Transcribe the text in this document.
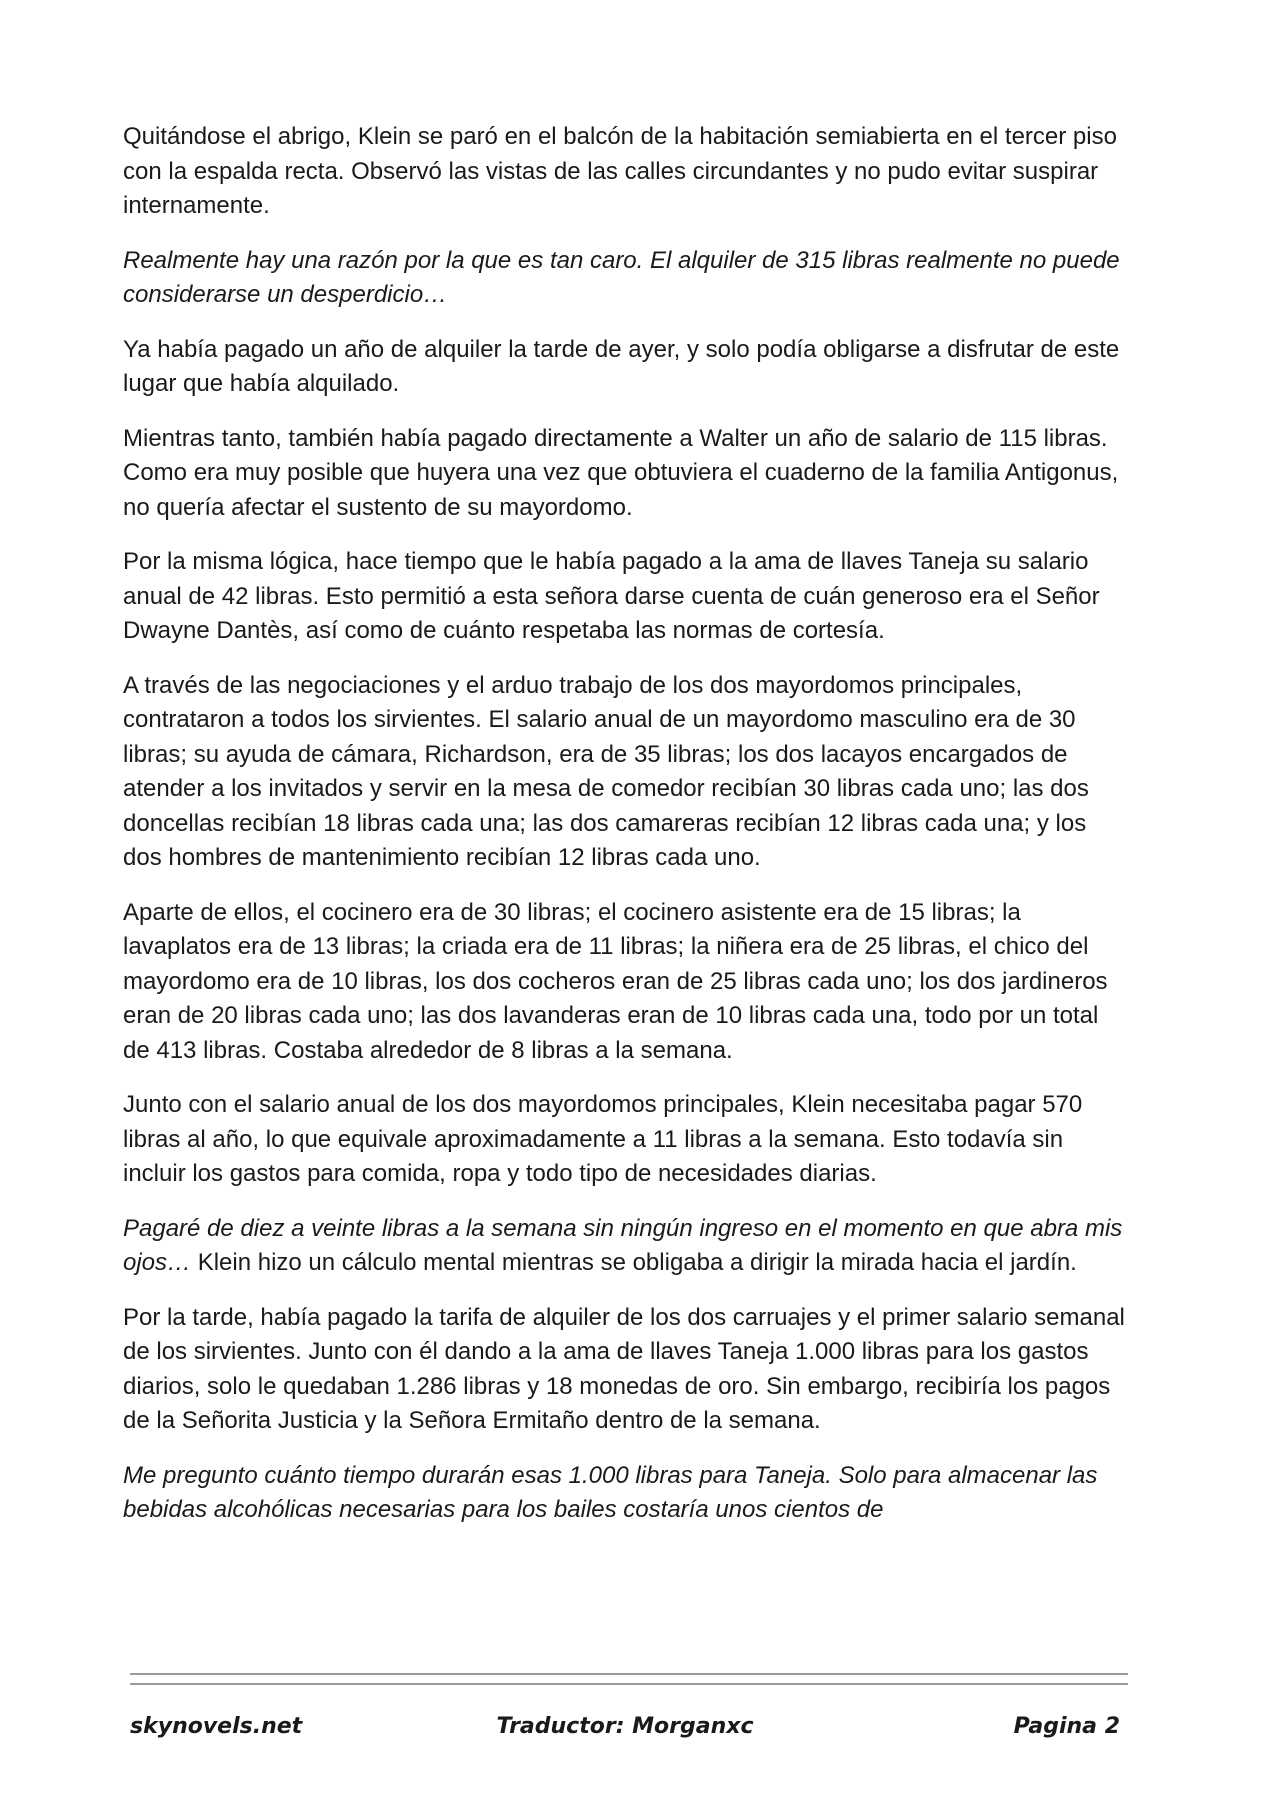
Quitándose el abrigo, Klein se paró en el balcón de la habitación semiabierta en el tercer piso con la espalda recta. Observó las vistas de las calles circundantes y no pudo evitar suspirar internamente.

Realmente hay una razón por la que es tan caro. El alquiler de 315 libras realmente no puede considerarse un desperdicio…

Ya había pagado un año de alquiler la tarde de ayer, y solo podía obligarse a disfrutar de este lugar que había alquilado.

Mientras tanto, también había pagado directamente a Walter un año de salario de 115 libras. Como era muy posible que huyera una vez que obtuviera el cuaderno de la familia Antigonus, no quería afectar el sustento de su mayordomo.

Por la misma lógica, hace tiempo que le había pagado a la ama de llaves Taneja su salario anual de 42 libras. Esto permitió a esta señora darse cuenta de cuán generoso era el Señor Dwayne Dantès, así como de cuánto respetaba las normas de cortesía.

A través de las negociaciones y el arduo trabajo de los dos mayordomos principales, contrataron a todos los sirvientes. El salario anual de un mayordomo masculino era de 30 libras; su ayuda de cámara, Richardson, era de 35 libras; los dos lacayos encargados de atender a los invitados y servir en la mesa de comedor recibían 30 libras cada uno; las dos doncellas recibían 18 libras cada una; las dos camareras recibían 12 libras cada una; y los dos hombres de mantenimiento recibían 12 libras cada uno.

Aparte de ellos, el cocinero era de 30 libras; el cocinero asistente era de 15 libras; la lavaplatos era de 13 libras; la criada era de 11 libras; la niñera era de 25 libras, el chico del mayordomo era de 10 libras, los dos cocheros eran de 25 libras cada uno; los dos jardineros eran de 20 libras cada uno; las dos lavanderas eran de 10 libras cada una, todo por un total de 413 libras. Costaba alrededor de 8 libras a la semana.

Junto con el salario anual de los dos mayordomos principales, Klein necesitaba pagar 570 libras al año, lo que equivale aproximadamente a 11 libras a la semana. Esto todavía sin incluir los gastos para comida, ropa y todo tipo de necesidades diarias.

Pagaré de diez a veinte libras a la semana sin ningún ingreso en el momento en que abra mis ojos… Klein hizo un cálculo mental mientras se obligaba a dirigir la mirada hacia el jardín.

Por la tarde, había pagado la tarifa de alquiler de los dos carruajes y el primer salario semanal de los sirvientes. Junto con él dando a la ama de llaves Taneja 1.000 libras para los gastos diarios, solo le quedaban 1.286 libras y 18 monedas de oro. Sin embargo, recibiría los pagos de la Señorita Justicia y la Señora Ermitaño dentro de la semana.

Me pregunto cuánto tiempo durarán esas 1.000 libras para Taneja. Solo para almacenar las bebidas alcohólicas necesarias para los bailes costaría unos cientos de

skynovels.net	Traductor: Morganxc	Pagina 2
